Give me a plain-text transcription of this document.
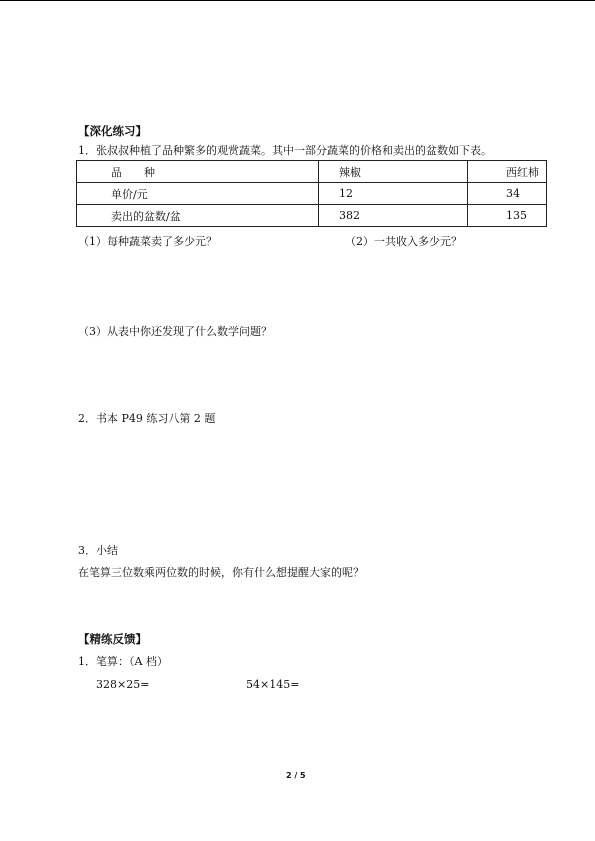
【深化练习】
1．张叔叔种植了品种繁多的观赏蔬菜。其中一部分蔬菜的价格和卖出的盆数如下表。
品　　种	辣椒	西红柿
单价/元	12	34
卖出的盆数/盆	382	135
（1）每种蔬菜卖了多少元？	（2）一共收入多少元？
（3）从表中你还发现了什么数学问题？
2．书本 P49 练习八第 2 题
3．小结
在笔算三位数乘两位数的时候，你有什么想提醒大家的呢？
【精练反馈】
1．笔算：（A 档）
328×25=	54×145=
2 / 5
